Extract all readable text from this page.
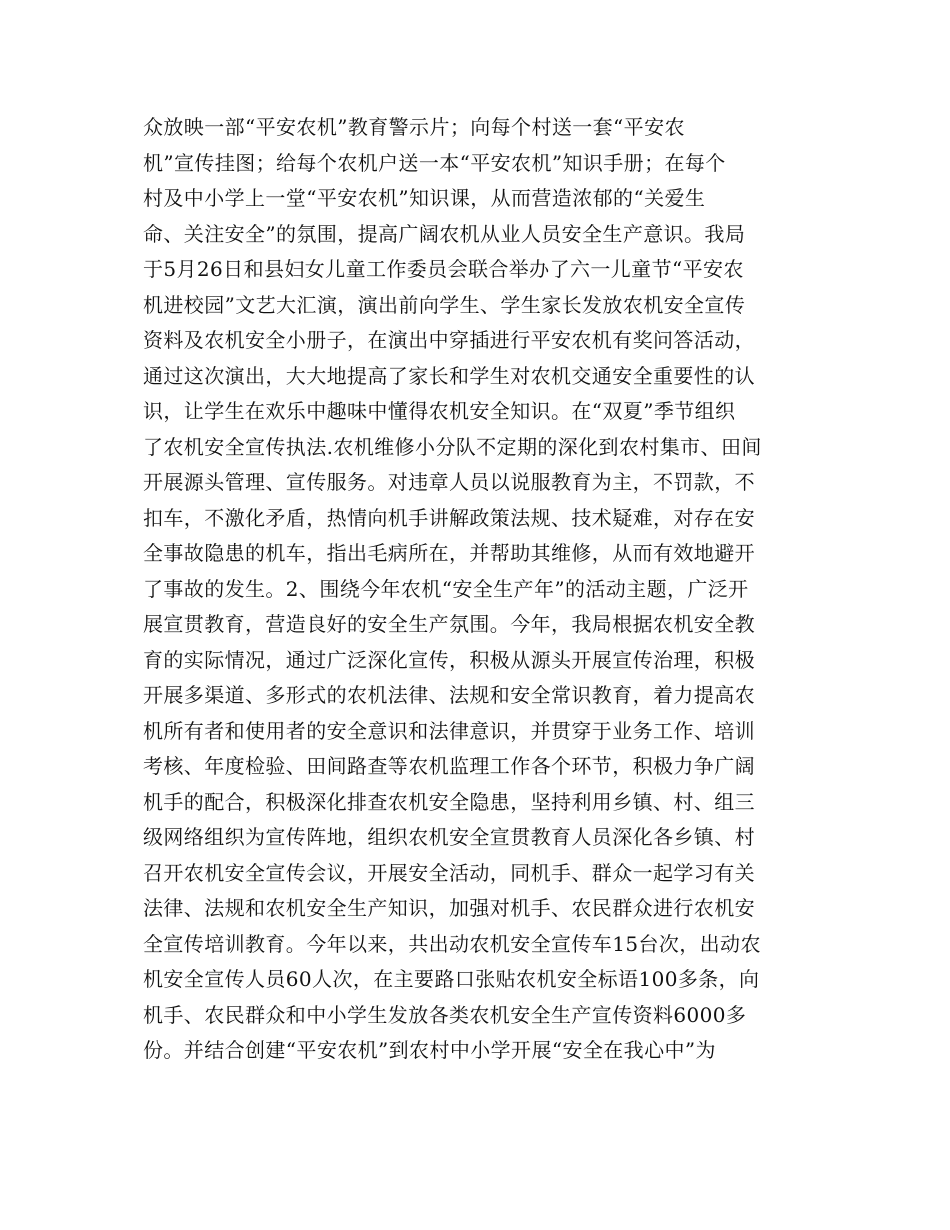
众放映一部“平安农机”教育警示片；向每个村送一套“平安农
机”宣传挂图；给每个农机户送一本“平安农机”知识手册；在每个
村及中小学上一堂“平安农机”知识课，从而营造浓郁的“关爱生
命、关注安全”的氛围，提高广阔农机从业人员安全生产意识。我局
于5月26日和县妇女儿童工作委员会联合举办了六一儿童节“平安农
机进校园”文艺大汇演，演出前向学生、学生家长发放农机安全宣传
资料及农机安全小册子，在演出中穿插进行平安农机有奖问答活动，
通过这次演出，大大地提高了家长和学生对农机交通安全重要性的认
识，让学生在欢乐中趣味中懂得农机安全知识。在“双夏”季节组织
了农机安全宣传执法.农机维修小分队不定期的深化到农村集市、田间
开展源头管理、宣传服务。对违章人员以说服教育为主，不罚款，不
扣车，不激化矛盾，热情向机手讲解政策法规、技术疑难，对存在安
全事故隐患的机车，指出毛病所在，并帮助其维修，从而有效地避开
了事故的发生。2、围绕今年农机“安全生产年”的活动主题，广泛开
展宣贯教育，营造良好的安全生产氛围。今年，我局根据农机安全教
育的实际情况，通过广泛深化宣传，积极从源头开展宣传治理，积极
开展多渠道、多形式的农机法律、法规和安全常识教育，着力提高农
机所有者和使用者的安全意识和法律意识，并贯穿于业务工作、培训
考核、年度检验、田间路查等农机监理工作各个环节，积极力争广阔
机手的配合，积极深化排查农机安全隐患，坚持利用乡镇、村、组三
级网络组织为宣传阵地，组织农机安全宣贯教育人员深化各乡镇、村
召开农机安全宣传会议，开展安全活动，同机手、群众一起学习有关
法律、法规和农机安全生产知识，加强对机手、农民群众进行农机安
全宣传培训教育。今年以来，共出动农机安全宣传车15台次，出动农
机安全宣传人员60人次，在主要路口张贴农机安全标语100多条，向
机手、农民群众和中小学生发放各类农机安全生产宣传资料6000多
份。并结合创建“平安农机”到农村中小学开展“安全在我心中”为
